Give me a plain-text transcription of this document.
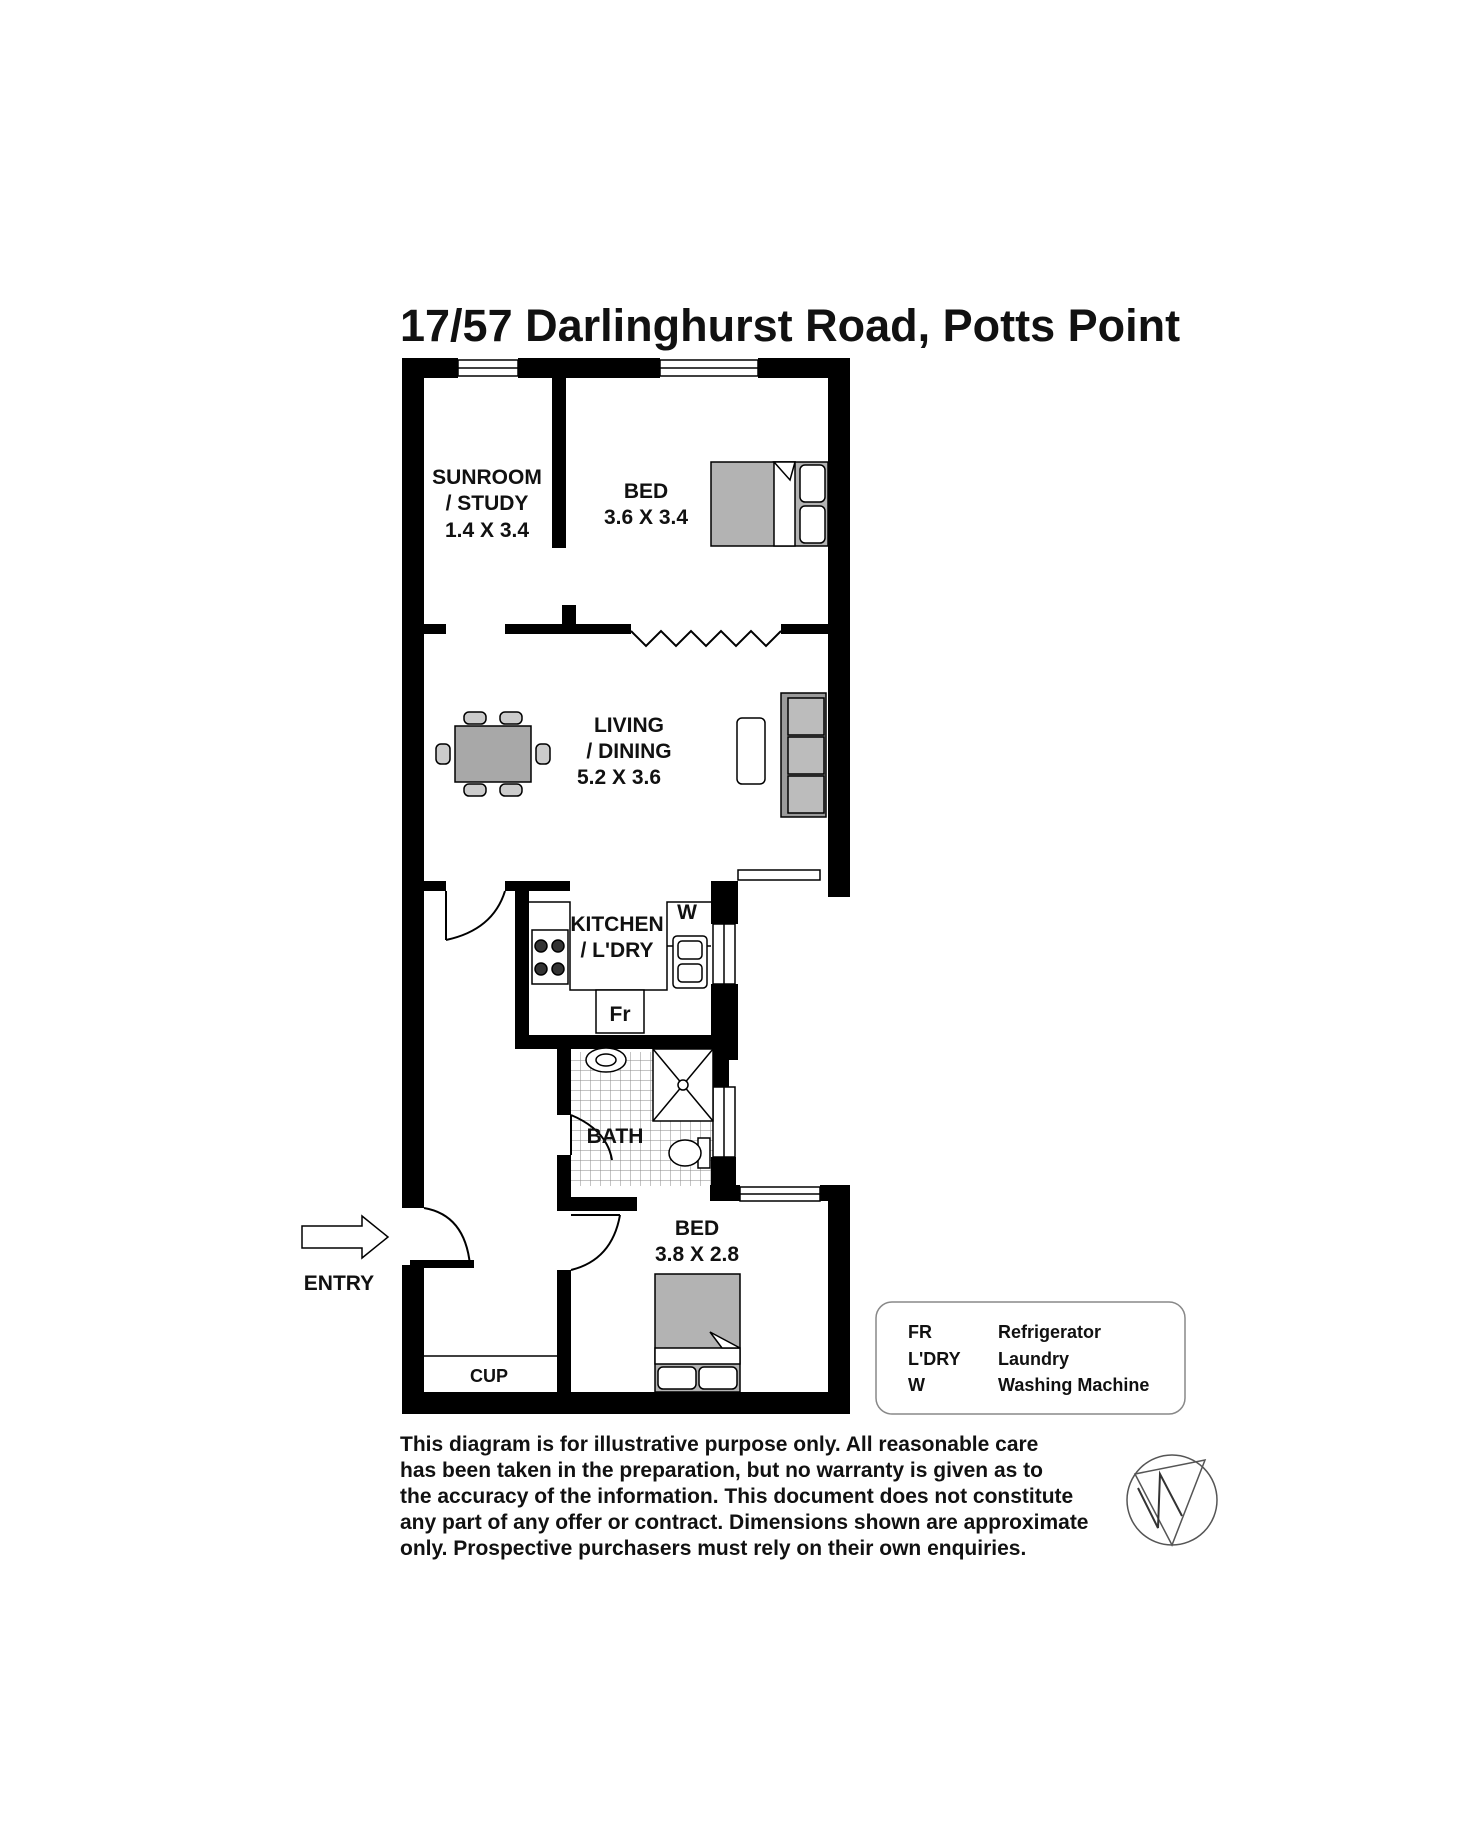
17/57 Darlinghurst Road, Potts Point
SUNROOM
/ STUDY
1.4 X 3.4
BED
3.6 X 3.4
LIVING
/ DINING
5.2 X 3.6
KITCHEN
/ L'DRY
W
Fr
BATH
BED
3.8 X 2.8
CUP
ENTRY
FR	Refrigerator
L'DRY Laundry
W	Washing Machine
This diagram is for illustrative purpose only. All reasonable care
has been taken in the preparation, but no warranty is given as to
the accuracy of the information. This document does not constitute
any part of any offer or contract. Dimensions shown are approximate
only. Prospective purchasers must rely on their own enquiries.
